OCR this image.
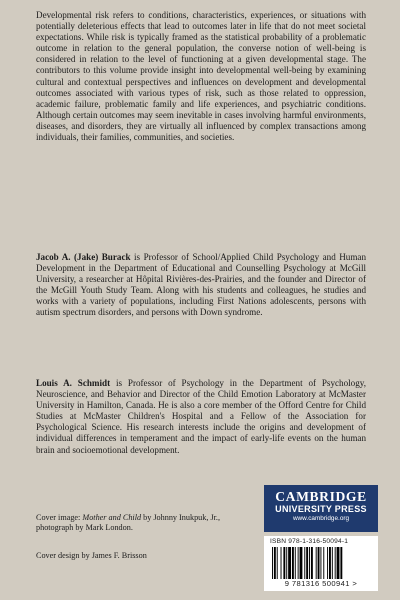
Developmental risk refers to conditions, characteristics, experiences, or situations with potentially deleterious effects that lead to outcomes later in life that do not meet societal expectations. While risk is typically framed as the statistical probability of a problematic outcome in relation to the general population, the converse notion of well-being is considered in relation to the level of functioning at a given developmental stage. The contributors to this volume provide insight into developmental well-being by examining cultural and contextual perspectives and influences on development and developmental outcomes associated with various types of risk, such as those related to oppression, academic failure, problematic family and life experiences, and psychiatric conditions. Although certain outcomes may seem inevitable in cases involving harmful environments, diseases, and disorders, they are virtually all influenced by complex transactions among individuals, their families, communities, and societies.

Jacob A. (Jake) Burack is Professor of School/Applied Child Psychology and Human Development in the Department of Educational and Counselling Psychology at McGill University, a researcher at Hôpital Rivières-des-Prairies, and the founder and Director of the McGill Youth Study Team. Along with his students and colleagues, he studies and works with a variety of populations, including First Nations adolescents, persons with autism spectrum disorders, and persons with Down syndrome.

Louis A. Schmidt is Professor of Psychology in the Department of Psychology, Neuroscience, and Behavior and Director of the Child Emotion Laboratory at McMaster University in Hamilton, Canada. He is also a core member of the Offord Centre for Child Studies at McMaster Children's Hospital and a Fellow of the Association for Psychological Science. His research interests include the origins and development of individual differences in temperament and the impact of early-life events on the human brain and socioemotional development.

Cover image: Mother and Child by Johnny Inukpuk, Jr., photograph by Mark London.
Cover design by James F. Brisson
CAMBRIDGE
UNIVERSITY PRESS
www.cambridge.org
ISBN 978-1-316-50094-1
9 781316 500941 >
